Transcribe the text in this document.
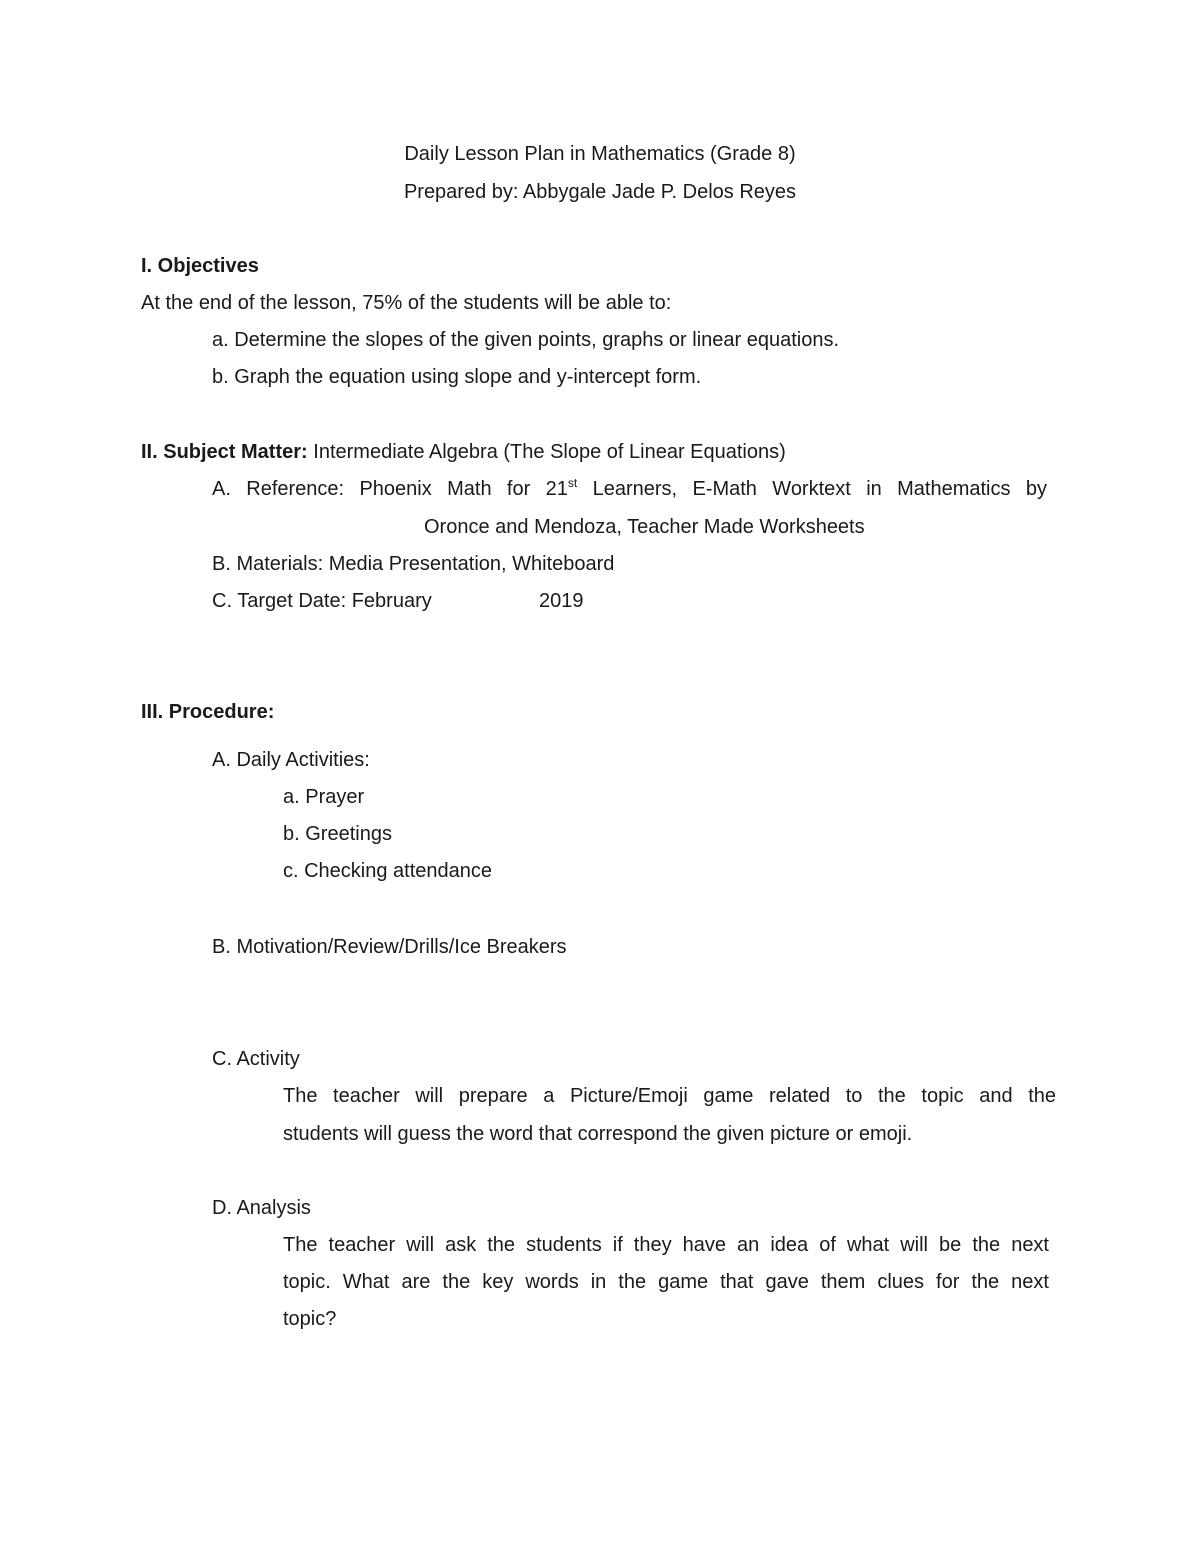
Daily Lesson Plan in Mathematics (Grade 8)
Prepared by: Abbygale Jade P. Delos Reyes
I. Objectives
At the end of the lesson, 75% of the students will be able to:
a. Determine the slopes of the given points, graphs or linear equations.
b. Graph the equation using slope and y-intercept form.
II. Subject Matter: Intermediate Algebra (The Slope of Linear Equations)
A. Reference: Phoenix Math for 21st Learners, E-Math Worktext in Mathematics by
Oronce and Mendoza, Teacher Made Worksheets
B. Materials: Media Presentation, Whiteboard
C. Target Date: February	2019
III. Procedure:
A. Daily Activities:
a. Prayer
b. Greetings
c. Checking attendance
B. Motivation/Review/Drills/Ice Breakers
C. Activity
The teacher will prepare a Picture/Emoji game related to the topic and the
students will guess the word that correspond the given picture or emoji.
D. Analysis
The teacher will ask the students if they have an idea of what will be the next
topic. What are the key words in the game that gave them clues for the next
topic?
